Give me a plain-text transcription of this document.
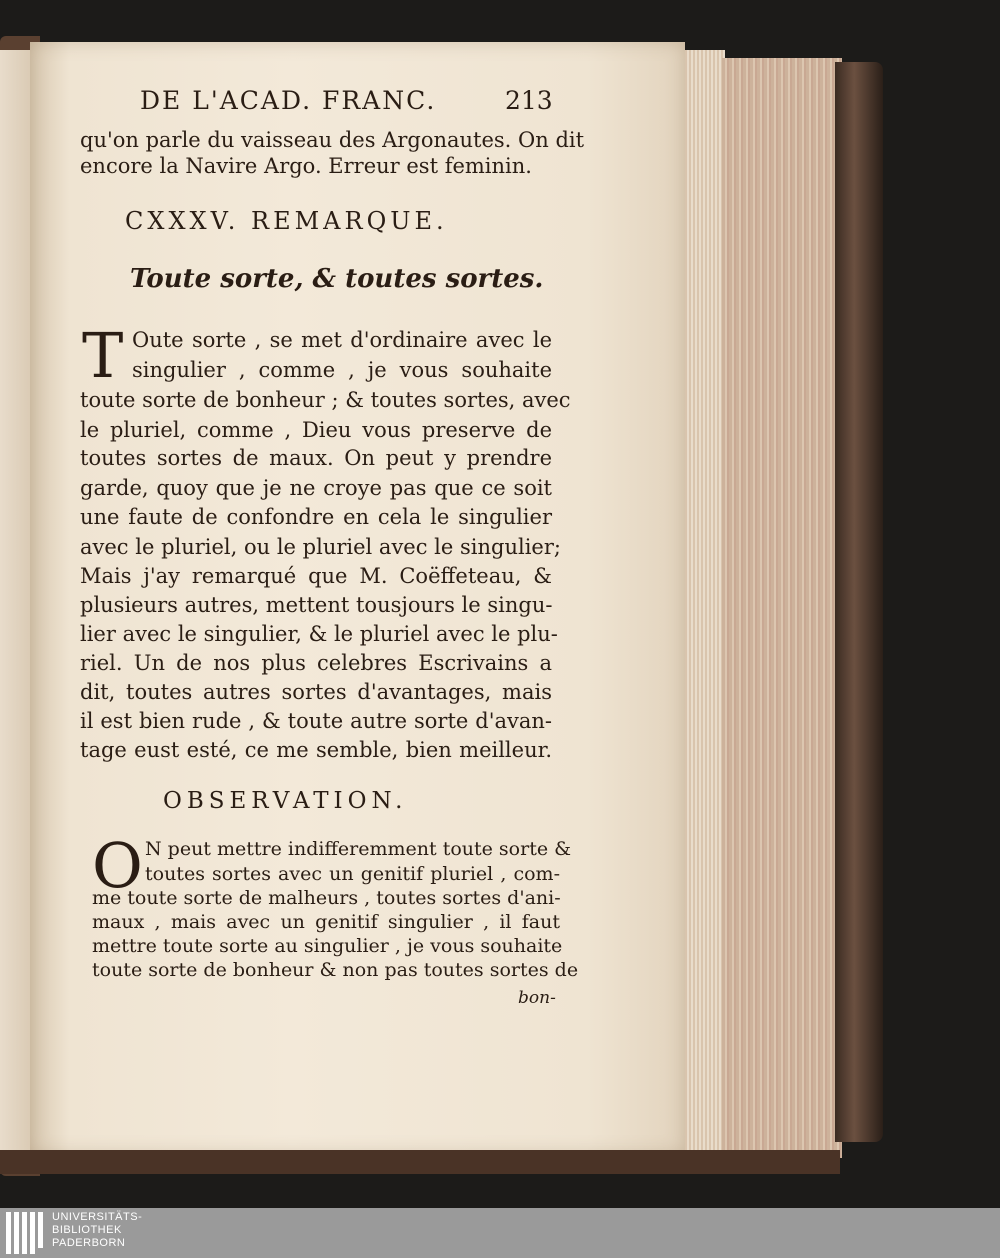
DE L'ACAD. FRANC.	213
qu'on parle du vaisseau des Argonautes. On dit
encore la Navire Argo. Erreur est feminin.
CXXXV. REMARQUE.
Toute sorte, & toutes sortes.
T Oute sorte , se met d'ordinaire avec le
singulier , comme , je vous souhaite
toute sorte de bonheur ; & toutes sortes, avec
le pluriel, comme , Dieu vous preserve de
toutes sortes de maux. On peut y prendre
garde, quoy que je ne croye pas que ce soit
une faute de confondre en cela le singulier
avec le pluriel, ou le pluriel avec le singulier;
Mais j'ay remarqué que M. Coëffeteau, &
plusieurs autres, mettent tousjours le singu-
lier avec le singulier, & le pluriel avec le plu-
riel. Un de nos plus celebres Escrivains a
dit, toutes autres sortes d'avantages, mais
il est bien rude , & toute autre sorte d'avan-
tage eust esté, ce me semble, bien meilleur.
OBSERVATION.
O N peut mettre indifferemment toute sorte &
toutes sortes avec un genitif pluriel , com-
me toute sorte de malheurs , toutes sortes d'ani-
maux , mais avec un genitif singulier , il faut
mettre toute sorte au singulier , je vous souhaite
toute sorte de bonheur & non pas toutes sortes de
bon-
UNIVERSITÄTS-
BIBLIOTHEK
PADERBORN
